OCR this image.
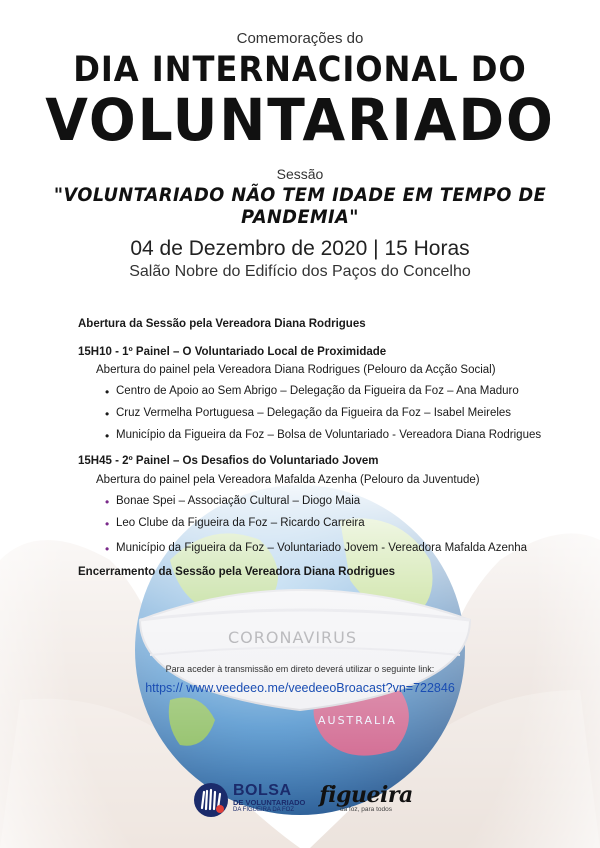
Comemorações do
DIA INTERNACIONAL DO
VOLUNTARIADO
Sessão
"VOLUNTARIADO NÃO TEM IDADE EM TEMPO DE PANDEMIA"
04 de Dezembro de 2020 | 15 Horas
Salão Nobre do Edifício dos Paços do Concelho
Abertura da Sessão pela Vereadora Diana Rodrigues
15H10 - 1º Painel – O Voluntariado Local de Proximidade
Abertura do painel pela Vereadora Diana Rodrigues (Pelouro da Acção Social)
• Centro de Apoio ao Sem Abrigo – Delegação da Figueira da Foz – Ana Maduro
• Cruz Vermelha Portuguesa – Delegação da Figueira da Foz – Isabel Meireles
• Município da Figueira da Foz – Bolsa de Voluntariado - Vereadora Diana Rodrigues
15H45 - 2º Painel – Os Desafios do Voluntariado Jovem
Abertura do painel pela Vereadora Mafalda Azenha (Pelouro da Juventude)
• Bonae Spei – Associação Cultural – Diogo Maia
• Leo Clube da Figueira da Foz – Ricardo Carreira
• Município da Figueira da Foz – Voluntariado Jovem - Vereadora Mafalda Azenha
Encerramento da Sessão pela Vereadora Diana Rodrigues
Para aceder à transmissão em direto deverá utilizar o seguinte link:
https:// www.veedeeo.me/veedeeoBroacast?vn=722846
BOLSA
DE VOLUNTARIADO
DA FIGUEIRA DA FOZ
figueira
da foz, para todos
